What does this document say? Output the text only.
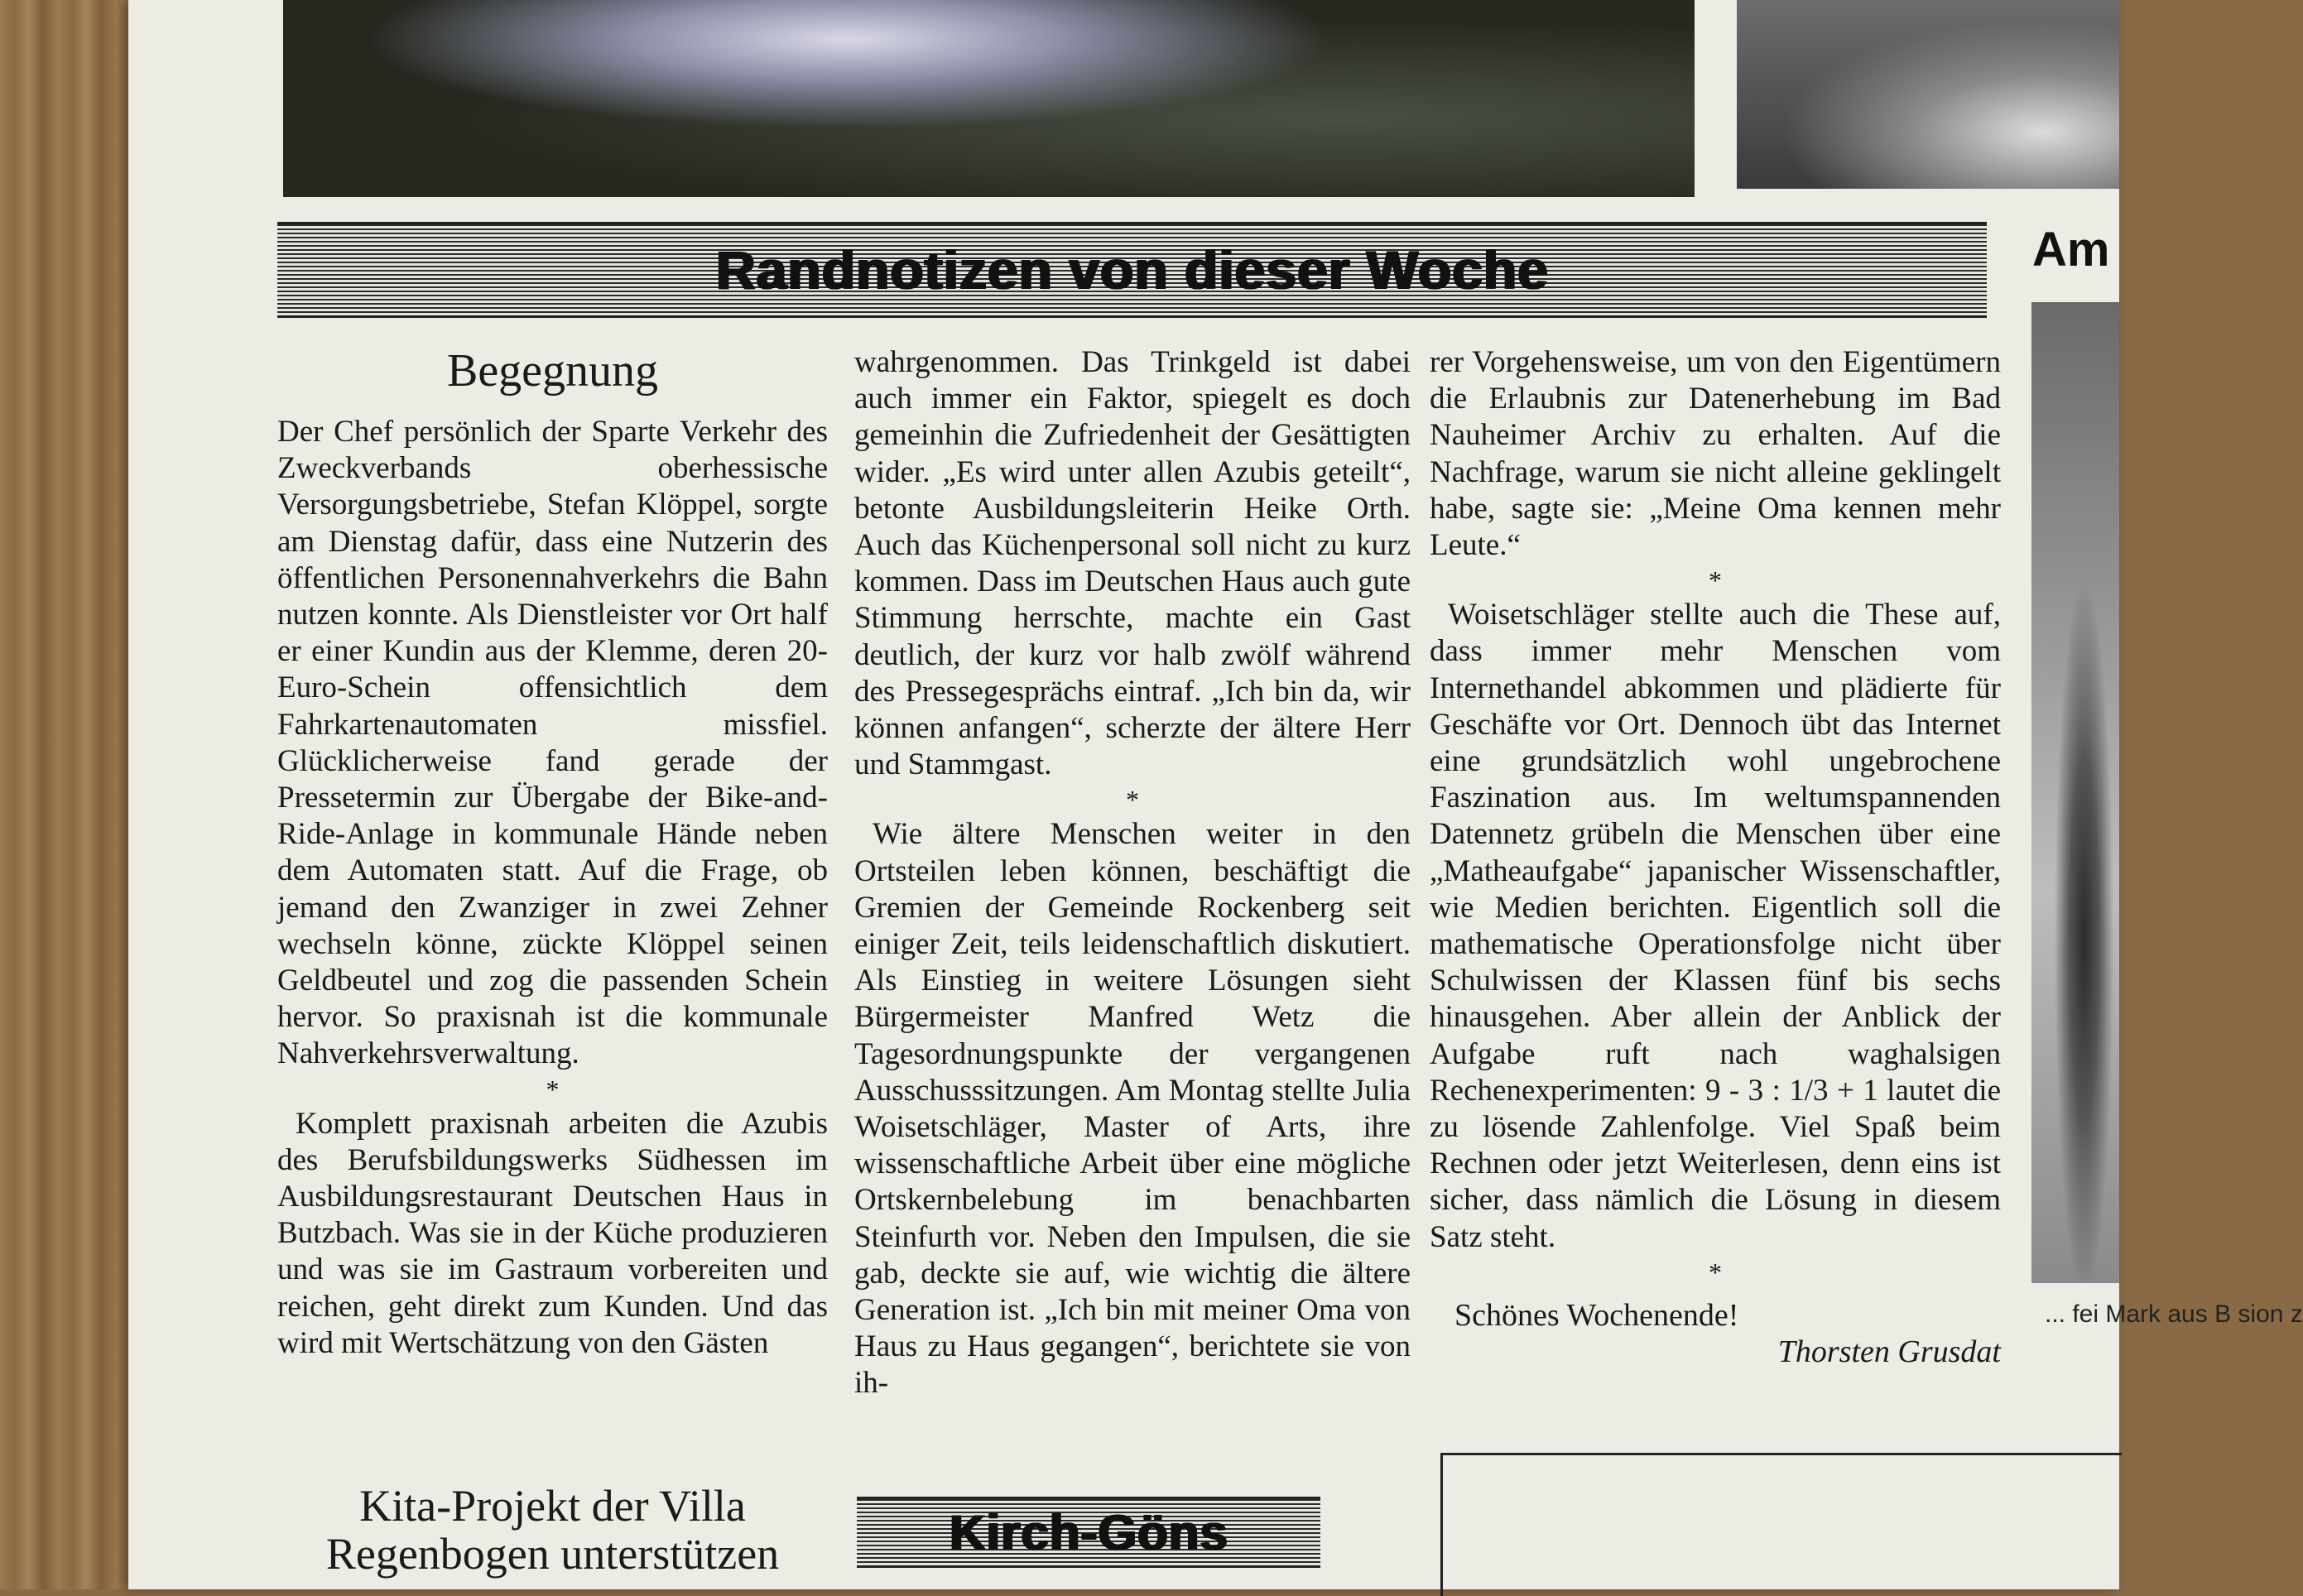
Randnotizen von dieser Woche	Am
Begegnung

Der Chef persönlich der Sparte Verkehr des Zweckverbands oberhessische Versorgungsbetriebe, Stefan Klöppel, sorgte am Dienstag dafür, dass eine Nutzerin des öffentlichen Personennahverkehrs die Bahn nutzen konnte. Als Dienstleister vor Ort half er einer Kundin aus der Klemme, deren 20-Euro-Schein offensichtlich dem Fahrkartenautomaten missfiel. Glücklicherweise fand gerade der Pressetermin zur Übergabe der Bike-and-Ride-Anlage in kommunale Hände neben dem Automaten statt. Auf die Frage, ob jemand den Zwanziger in zwei Zehner wechseln könne, zückte Klöppel seinen Geldbeutel und zog die passenden Schein hervor. So praxisnah ist die kommunale Nahverkehrsverwaltung.

*

Komplett praxisnah arbeiten die Azubis des Berufsbildungswerks Südhessen im Ausbildungsrestaurant Deutschen Haus in Butzbach. Was sie in der Küche produzieren und was sie im Gastraum vorbereiten und reichen, geht direkt zum Kunden. Und das wird mit Wertschätzung von den Gästen

wahrgenommen. Das Trinkgeld ist dabei auch immer ein Faktor, spiegelt es doch gemeinhin die Zufriedenheit der Gesättigten wider. „Es wird unter allen Azubis geteilt“, betonte Ausbildungsleiterin Heike Orth. Auch das Küchenpersonal soll nicht zu kurz kommen. Dass im Deutschen Haus auch gute Stimmung herrschte, machte ein Gast deutlich, der kurz vor halb zwölf während des Pressegesprächs eintraf. „Ich bin da, wir können anfangen“, scherzte der ältere Herr und Stammgast.

*

Wie ältere Menschen weiter in den Ortsteilen leben können, beschäftigt die Gremien der Gemeinde Rockenberg seit einiger Zeit, teils leidenschaftlich diskutiert. Als Einstieg in weitere Lösungen sieht Bürgermeister Manfred Wetz die Tagesordnungspunkte der vergangenen Ausschusssitzungen. Am Montag stellte Julia Woisetschläger, Master of Arts, ihre wissenschaftliche Arbeit über eine mögliche Ortskernbelebung im benachbarten Steinfurth vor. Neben den Impulsen, die sie gab, deckte sie auf, wie wichtig die ältere Generation ist. „Ich bin mit meiner Oma von Haus zu Haus gegangen“, berichtete sie von ih-

rer Vorgehensweise, um von den Eigentümern die Erlaubnis zur Datenerhebung im Bad Nauheimer Archiv zu erhalten. Auf die Nachfrage, warum sie nicht alleine geklingelt habe, sagte sie: „Meine Oma kennen mehr Leute.“

*

Woisetschläger stellte auch die These auf, dass immer mehr Menschen vom Internethandel abkommen und plädierte für Geschäfte vor Ort. Dennoch übt das Internet eine grundsätzlich wohl ungebrochene Faszination aus. Im weltumspannenden Datennetz grübeln die Menschen über eine „Matheaufgabe“ japanischer Wissenschaftler, wie Medien berichten. Eigentlich soll die mathematische Operationsfolge nicht über Schulwissen der Klassen fünf bis sechs hinausgehen. Aber allein der Anblick der Aufgabe ruft nach waghalsigen Rechenexperimenten: 9 - 3 : 1/3 + 1 lautet die zu lösende Zahlenfolge. Viel Spaß beim Rechnen oder jetzt Weiterlesen, denn eins ist sicher, dass nämlich die Lösung in diesem Satz steht.

*

Schönes Wochenende!

Thorsten Grusdat

Kita-Projekt der Villa Regenbogen unterstützen	Kirch-Göns
... fei Mark aus B sion z
